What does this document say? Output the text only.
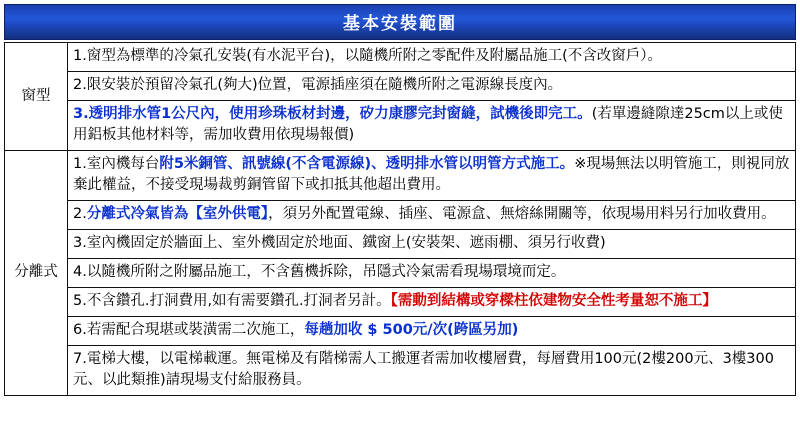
基本安裝範圍
窗型	1.窗型為標準的冷氣孔安裝(有水泥平台)，以隨機所附之零配件及附屬品施工(不含改窗戶）。
	2.限安裝於預留冷氣孔(夠大)位置，電源插座須在隨機所附之電源線長度內。
	3.透明排水管1公尺內，使用珍珠板材封邊，矽力康膠完封窗縫，試機後即完工。(若單邊縫隙達25cm以上或使用鋁板其他材料等，需加收費用依現場報價)
分離式	1.室內機每台附5米銅管、訊號線(不含電源線)、透明排水管以明管方式施工。※現場無法以明管施工，則視同放棄此權益，不接受現場裁剪銅管留下或扣抵其他超出費用。
	2.分離式冷氣皆為【室外供電】，須另外配置電線、插座、電源盒、無熔絲開關等，依現場用料另行加收費用。
	3.室內機固定於牆面上、室外機固定於地面、鐵窗上(安裝架、遮雨棚、須另行收費)
	4.以隨機所附之附屬品施工，不含舊機拆除，吊隱式冷氣需看現場環境而定。
	5.不含鑽孔.打洞費用,如有需要鑽孔.打洞者另計。【需動到結構或穿樑柱依建物安全性考量恕不施工】
	6.若需配合現堪或裝潢需二次施工，每趟加收 $ 500元/次(跨區另加)
	7.電梯大樓，以電梯載運。無電梯及有階梯需人工搬運者需加收樓層費，每層費用100元(2樓200元、3樓300元、以此類推)請現場支付給服務員。
